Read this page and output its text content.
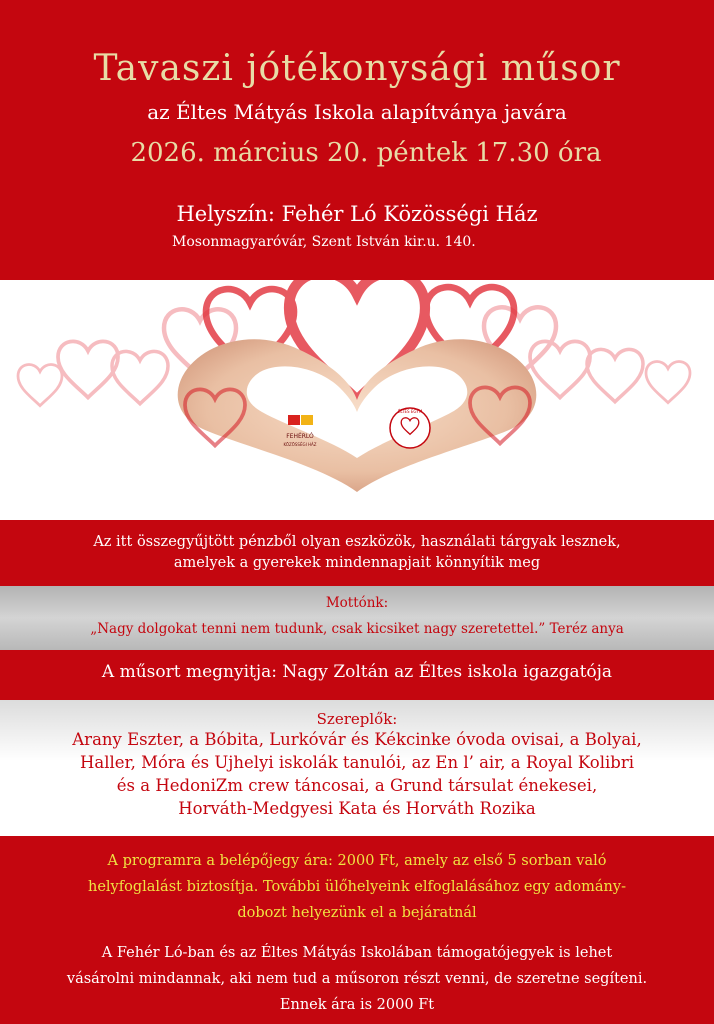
Tavaszi jótékonysági műsor
az Éltes Mátyás Iskola alapítványa javára
2026. március 20. péntek 17.30 óra
Helyszín: Fehér Ló Közösségi Ház
Mosonmagyaróvár, Szent István kir.u. 140.
FEHÉRLÓ
KÖZÖSSÉGI HÁZ
ÉLTES EGYM
Az itt összegyűjtött pénzből olyan eszközök, használati tárgyak lesznek,
amelyek a gyerekek mindennapjait könnyítik meg
Mottónk:
„Nagy dolgokat tenni nem tudunk, csak kicsiket nagy szeretettel.” Teréz anya
A műsort megnyitja: Nagy Zoltán az Éltes iskola igazgatója
Szereplők:
Arany Eszter, a Bóbita, Lurkóvár és Kékcinke óvoda ovisai, a Bolyai,
Haller, Móra és Ujhelyi iskolák tanulói, az En l’ air, a Royal Kolibri
és a HedoniZm crew táncosai, a Grund társulat énekesei,
Horváth-Medgyesi Kata és Horváth Rozika
A programra a belépőjegy ára: 2000 Ft, amely az első 5 sorban való
helyfoglalást biztosítja. További ülőhelyeink elfoglalásához egy adomány-
dobozt helyezünk el a bejáratnál
A Fehér Ló-ban és az Éltes Mátyás Iskolában támogatójegyek is lehet
vásárolni mindannak, aki nem tud a műsoron részt venni, de szeretne segíteni.
Ennek ára is 2000 Ft
